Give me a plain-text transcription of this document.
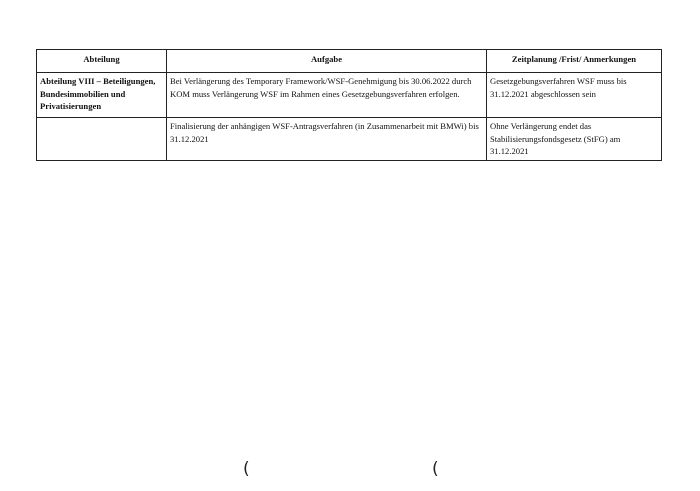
Abteilung	Aufgabe	Zeitplanung /Frist/ Anmerkungen

Abteilung VIII – Beteiligungen, Bundesimmobilien und Privatisierungen	Bei Verlängerung des Temporary Framework/WSF-Genehmigung bis 30.06.2022 durch KOM muss Verlängerung WSF im Rahmen eines Gesetzgebungsverfahren erfolgen.	Gesetzgebungsverfahren WSF muss bis 31.12.2021 abgeschlossen sein

	Finalisierung der anhängigen WSF-Antragsverfahren (in Zusammenarbeit mit BMWi) bis 31.12.2021	Ohne Verlängerung endet das Stabilisierungsfondsgesetz (StFG) am 31.12.2021
(	(
